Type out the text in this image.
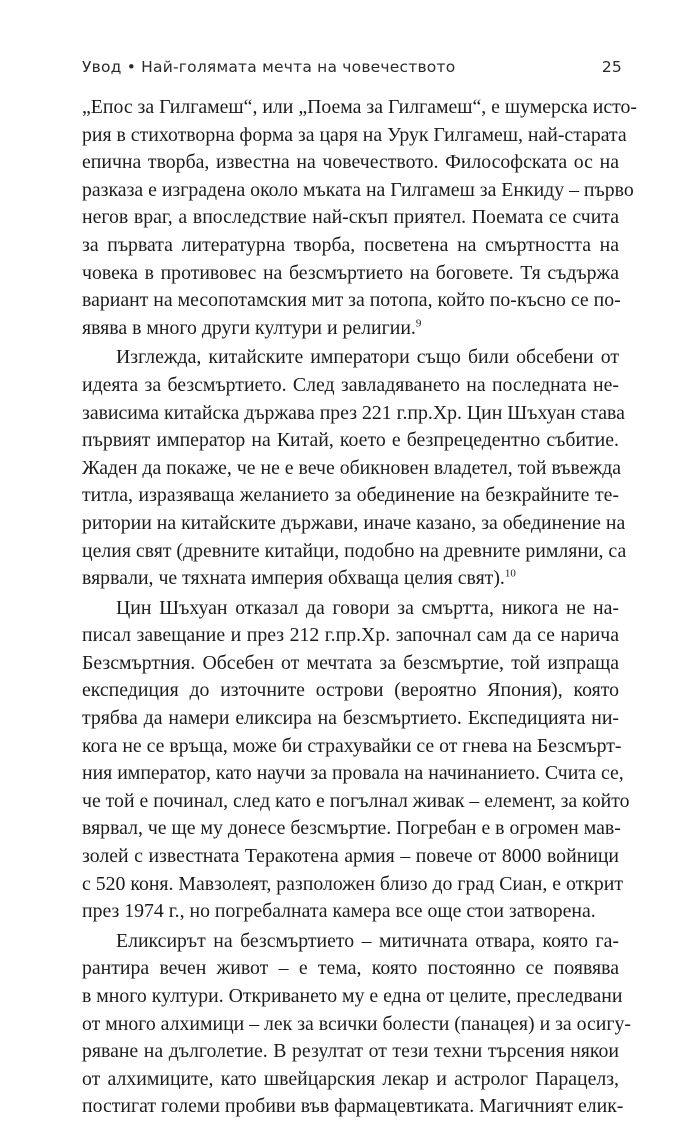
Увод • Най-голямата мечта на човечеството	25
„Епос за Гилгамеш“, или „Поема за Гилгамеш“, е шумерска исто-
рия в стихотворна форма за царя на Урук Гилгамеш, най-старата
епична творба, известна на човечеството. Философската ос на
разказа е изградена около мъката на Гилгамеш за Енкиду – първо
негов враг, а впоследствие най-скъп приятел. Поемата се счита
за първата литературна творба, посветена на смъртността на
човека в противовес на безсмъртието на боговете. Тя съдържа
вариант на месопотамския мит за потопа, който по-късно се по-
явява в много други култури и религии.$^9$
Изглежда, китайските императори също били обсебени от
идеята за безсмъртието. След завладяването на последната не-
зависима китайска държава през 221 г.пр.Хр. Цин Шъхуан става
първият император на Китай, което е безпрецедентно събитие.
Жаден да покаже, че не е вече обикновен владетел, той въвежда
титла, изразяваща желанието за обединение на безкрайните те-
ритории на китайските държави, иначе казано, за обединение на
целия свят (древните китайци, подобно на древните римляни, са
вярвали, че тяхната империя обхваща целия свят).$^{10}$
Цин Шъхуан отказал да говори за смъртта, никога не на-
писал завещание и през 212 г.пр.Хр. започнал сам да се нарича
Безсмъртния. Обсебен от мечтата за безсмъртие, той изпраща
експедиция до източните острови (вероятно Япония), която
трябва да намери еликсира на безсмъртието. Експедицията ни-
кога не се връща, може би страхувайки се от гнева на Безсмърт-
ния император, като научи за провала на начинанието. Счита се,
че той е починал, след като е погълнал живак – елемент, за който
вярвал, че ще му донесе безсмъртие. Погребан е в огромен мав-
золей с известната Теракотена армия – повече от 8000 войници
с 520 коня. Мавзолеят, разположен близо до град Сиан, е открит
през 1974 г., но погребалната камера все още стои затворена.
Еликсирът на безсмъртието – митичната отвара, която га-
рантира вечен живот – е тема, която постоянно се появява
в много култури. Откриването му е една от целите, преследвани
от много алхимици – лек за всички болести (панацея) и за осигу-
ряване на дълголетие. В резултат от тези техни търсения някои
от алхимиците, като швейцарския лекар и астролог Парацелз,
постигат големи пробиви във фармацевтиката. Магичният елик-
